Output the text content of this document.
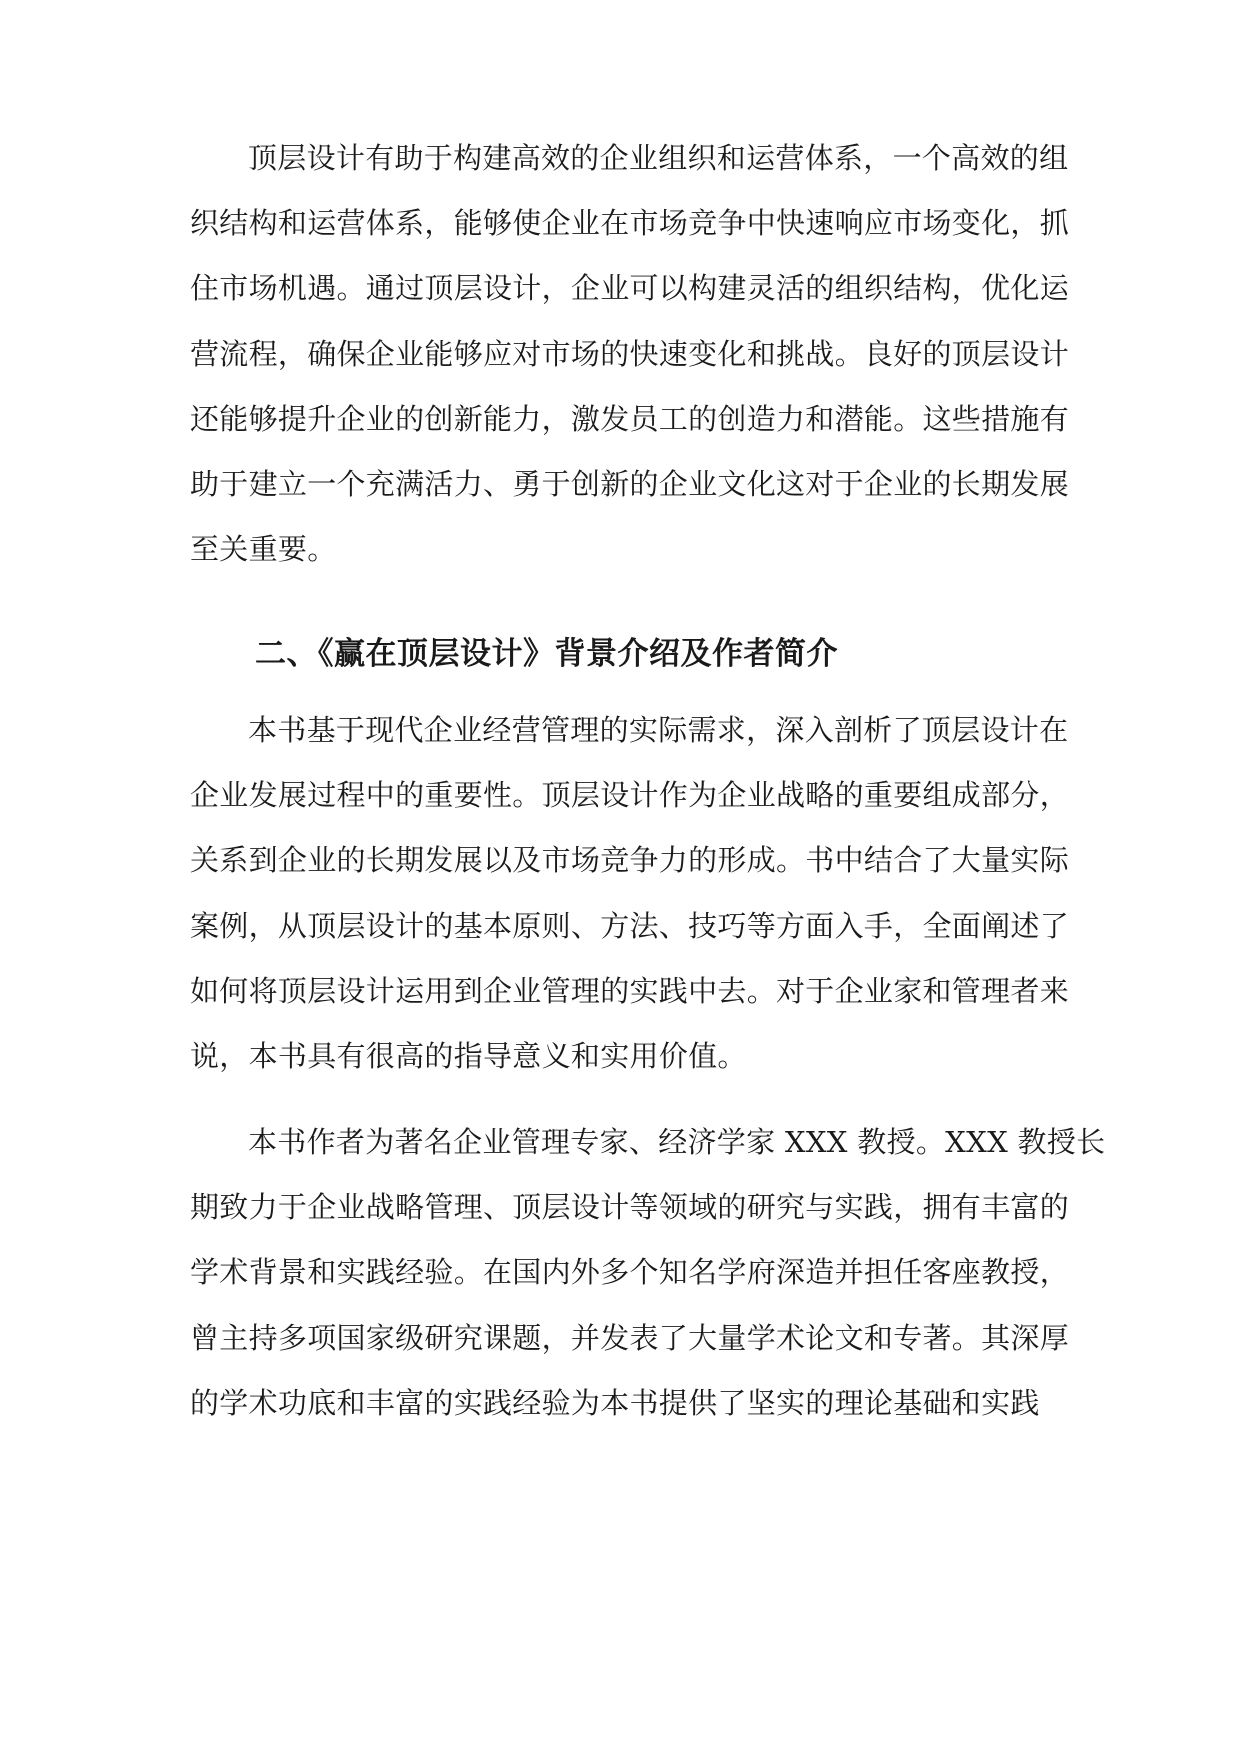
顶层设计有助于构建高效的企业组织和运营体系，一个高效的组
织结构和运营体系，能够使企业在市场竞争中快速响应市场变化，抓
住市场机遇。通过顶层设计，企业可以构建灵活的组织结构，优化运
营流程，确保企业能够应对市场的快速变化和挑战。良好的顶层设计
还能够提升企业的创新能力，激发员工的创造力和潜能。这些措施有
助于建立一个充满活力、勇于创新的企业文化这对于企业的长期发展
至关重要。
二、《赢在顶层设计》背景介绍及作者简介
本书基于现代企业经营管理的实际需求，深入剖析了顶层设计在
企业发展过程中的重要性。顶层设计作为企业战略的重要组成部分，
关系到企业的长期发展以及市场竞争力的形成。书中结合了大量实际
案例，从顶层设计的基本原则、方法、技巧等方面入手，全面阐述了
如何将顶层设计运用到企业管理的实践中去。对于企业家和管理者来
说，本书具有很高的指导意义和实用价值。
本书作者为著名企业管理专家、经济学家 XXX 教授。XXX 教授长
期致力于企业战略管理、顶层设计等领域的研究与实践，拥有丰富的
学术背景和实践经验。在国内外多个知名学府深造并担任客座教授，
曾主持多项国家级研究课题，并发表了大量学术论文和专著。其深厚
的学术功底和丰富的实践经验为本书提供了坚实的理论基础和实践
